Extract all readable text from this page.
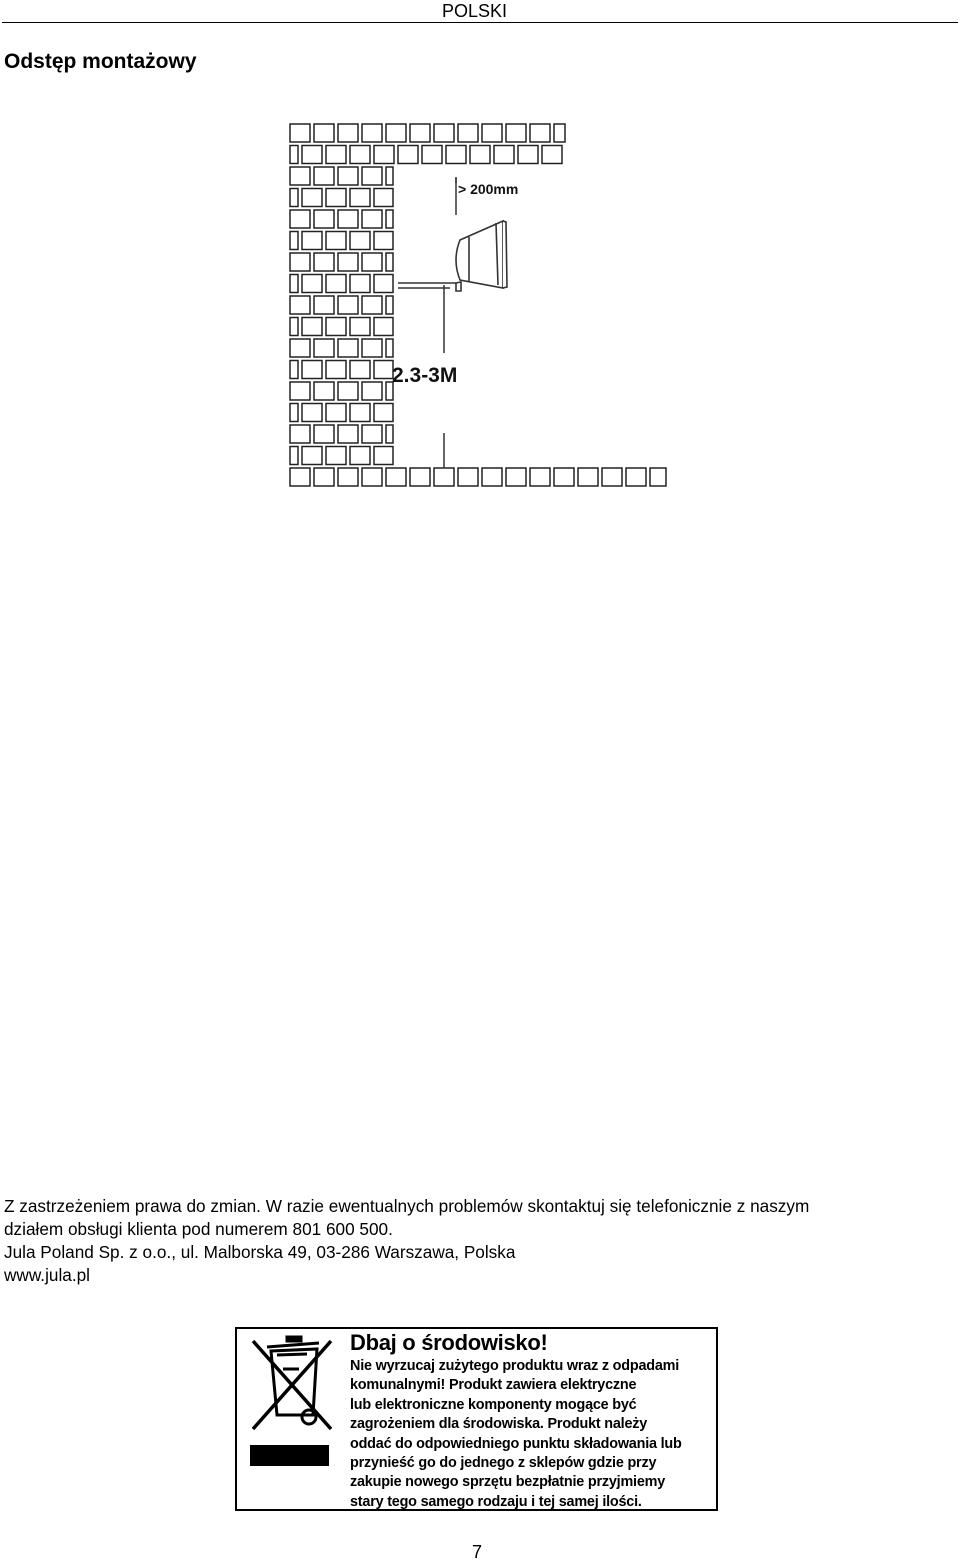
POLSKI
Odstęp montażowy
> 200mm
2.3-3M
Z zastrzeżeniem prawa do zmian. W razie ewentualnych problemów skontaktuj się telefonicznie z naszym
działem obsługi klienta pod numerem 801 600 500.
Jula Poland Sp. z o.o., ul. Malborska 49, 03-286 Warszawa, Polska
www.jula.pl
Dbaj o środowisko!
Nie wyrzucaj zużytego produktu wraz z odpadami
komunalnymi! Produkt zawiera elektryczne
lub elektroniczne komponenty mogące być
zagrożeniem dla środowiska. Produkt należy
oddać do odpowiedniego punktu składowania lub
przynieść go do jednego z sklepów gdzie przy
zakupie nowego sprzętu bezpłatnie przyjmiemy
stary tego samego rodzaju i tej samej ilości.
7
